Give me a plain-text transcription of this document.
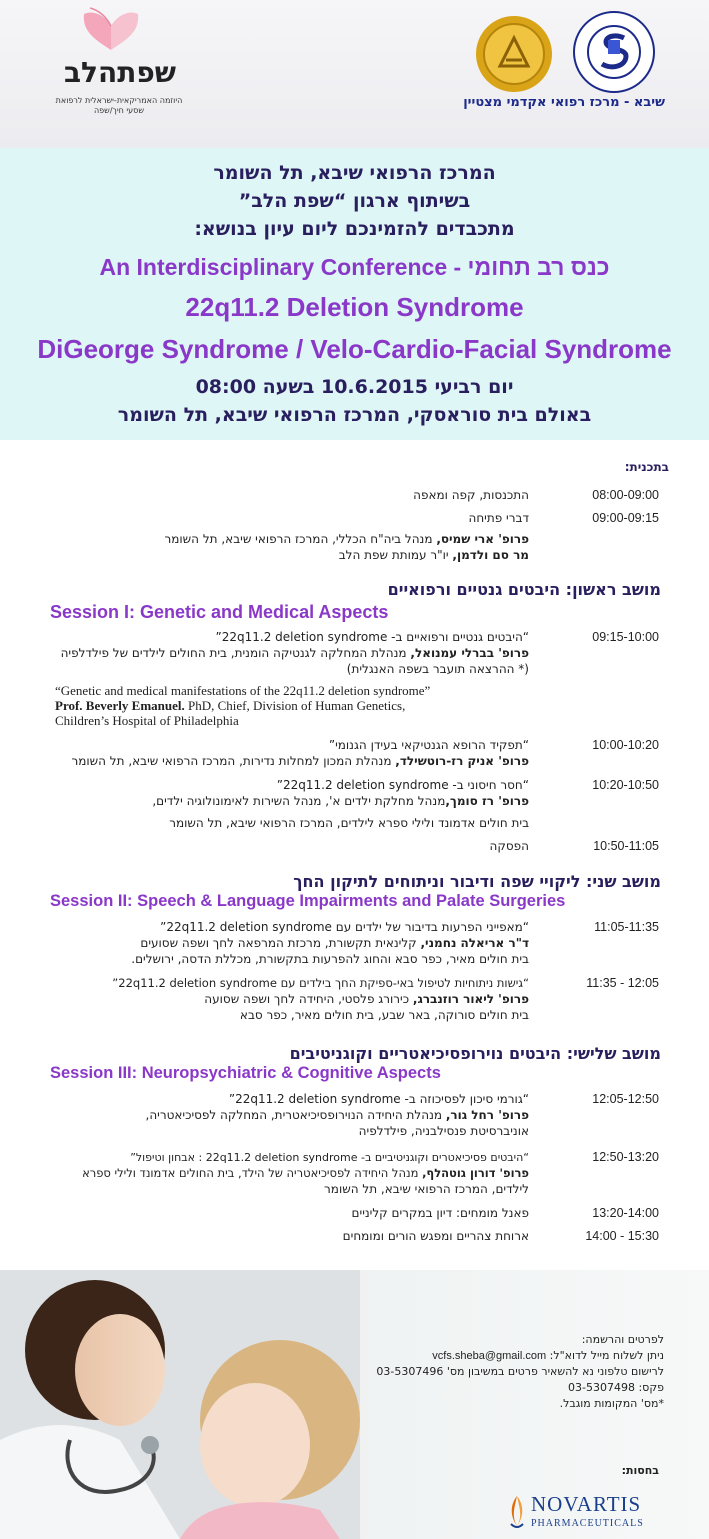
שפתהלב
היוזמה האמריקאית-ישראלית לרפואת
שסעי חיך/שפה
שיבא - מרכז רפואי אקדמי מצטיין
המרכז הרפואי שיבא, תל השומר
בשיתוף ארגון “שפת הלב”
מתכבדים להזמינכם ליום עיון בנושא:
כנס רב תחומי - An Interdisciplinary Conference
22q11.2 Deletion Syndrome
DiGeorge Syndrome / Velo-Cardio-Facial Syndrome
יום רביעי 10.6.2015 בשעה 08:00
באולם בית סוראסקי, המרכז הרפואי שיבא, תל השומר
בתכנית:
08:00-09:00
09:00-09:15
התכנסות, קפה ומאפה
דברי פתיחה
פרופ' ארי שמיס, מנהל ביה"ח הכללי, המרכז הרפואי שיבא, תל השומר
מר סם ולדמן, יו"ר עמותת שפת הלב
מושב ראשון: היבטים גנטיים ורפואיים
Session I: Genetic and Medical Aspects
09:15-10:00
“היבטים גנטיים ורפואיים ב- 22q11.2 deletion syndrome”
פרופ' בברלי עמנואל, מנהלת המחלקה לגנטיקה הומנית, בית החולים לילדים של פילדלפיה
(* ההרצאה תועבר בשפה האנגלית)
“Genetic and medical manifestations of the 22q11.2 deletion syndrome”
Prof. Beverly Emanuel. PhD, Chief, Division of Human Genetics,
Children’s Hospital of Philadelphia
10:00-10:20
“תפקיד הרופא הגנטיקאי בעידן הגנומי”
פרופ' אניק רז-רוטשילד, מנהלת המכון למחלות נדירות, המרכז הרפואי שיבא, תל השומר
10:20-10:50
“חסר חיסוני ב- 22q11.2 deletion syndrome”
פרופ' רז סומך,מנהל מחלקת ילדים א', מנהל השירות לאימונולוגיה ילדים,
בית חולים אדמונד ולילי ספרא לילדים, המרכז הרפואי שיבא, תל השומר
10:50-11:05
הפסקה
מושב שני: ליקויי שפה ודיבור וניתוחים לתיקון החך
Session II: Speech & Language Impairments and Palate Surgeries
11:05-11:35
“מאפייני הפרעות בדיבור של ילדים עם 22q11.2 deletion syndrome”
ד"ר אריאלה נחמני, קלינאית תקשורת, מרכזת המרפאה לחך ושפה שסועים
בית חולים מאיר, כפר סבא והחוג להפרעות בתקשורת, מכללת הדסה, ירושלים.
11:35 - 12:05
“גישות ניתוחיות לטיפול באי-ספיקת החך בילדים עם 22q11.2 deletion syndrome”
פרופ' ליאור רוזנברג, כירורג פלסטי, היחידה לחך ושפה שסועה
בית חולים סורוקה, באר שבע, בית חולים מאיר, כפר סבא
מושב שלישי: היבטים נוירופסיכיאטריים וקוגניטיבים
Session III: Neuropsychiatric & Cognitive Aspects
12:05-12:50
“גורמי סיכון לפסיכוזה ב- 22q11.2 deletion syndrome”
פרופ' רחל גור, מנהלת היחידה הנוירופסיכיאטרית, המחלקה לפסיכיאטריה,
אוניברסיטת פנסילבניה, פילדלפיה
12:50-13:20
“היבטים פסיכיאטרים וקוגניטיביים ב- 22q11.2 deletion syndrome : אבחון וטיפול”
פרופ' דורון גוטהלף, מנהל היחידה לפסיכיאטריה של הילד, בית החולים אדמונד ולילי ספרא
לילדים, המרכז הרפואי שיבא, תל השומר
13:20-14:00
פאנל מומחים: דיון במקרים קליניים
14:00 - 15:30
ארוחת צהריים ומפגש הורים ומומחים
לפרטים והרשמה:
ניתן לשלוח מייל לדוא"ל: vcfs.sheba@gmail.com
לרישום טלפוני נא להשאיר פרטים במשיבון מס' 03-5307496
פקס: 03-5307498
*מס' המקומות מוגבל.
בחסות:
NOVARTIS
PHARMACEUTICALS
